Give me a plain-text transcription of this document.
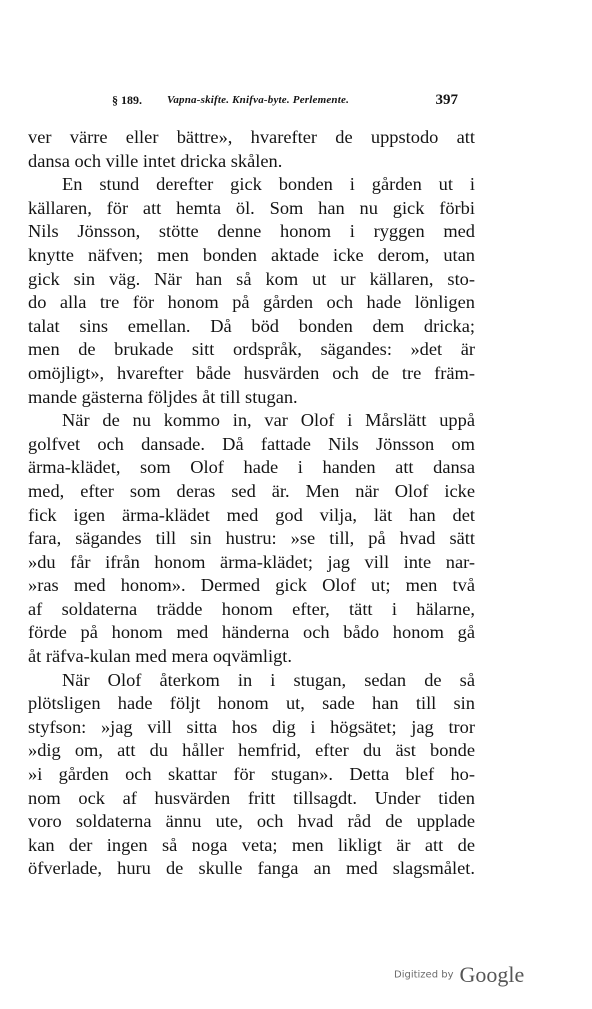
§ 189. Vapna-skifte. Knifva-byte. Perlemente.	397
ver värre eller bättre», hvarefter de uppstodo att
dansa och ville intet dricka skålen.
En stund derefter gick bonden i gården ut i
källaren, för att hemta öl. Som han nu gick förbi
Nils Jönsson, stötte denne honom i ryggen med
knytte näfven; men bonden aktade icke derom, utan
gick sin väg. När han så kom ut ur källaren, sto-
do alla tre för honom på gården och hade lönligen
talat sins emellan. Då böd bonden dem dricka;
men de brukade sitt ordspråk, sägandes: »det är
omöjligt», hvarefter både husvärden och de tre främ-
mande gästerna följdes åt till stugan.
När de nu kommo in, var Olof i Mårslätt uppå
golfvet och dansade. Då fattade Nils Jönsson om
ärma-klädet, som Olof hade i handen att dansa
med, efter som deras sed är. Men när Olof icke
fick igen ärma-klädet med god vilja, lät han det
fara, sägandes till sin hustru: »se till, på hvad sätt
»du får ifrån honom ärma-klädet; jag vill inte nar-
»ras med honom». Dermed gick Olof ut; men två
af soldaterna trädde honom efter, tätt i hälarne,
förde på honom med händerna och bådo honom gå
åt räfva-kulan med mera oqvämligt.
När Olof återkom in i stugan, sedan de så
plötsligen hade följt honom ut, sade han till sin
styfson: »jag vill sitta hos dig i högsätet; jag tror
»dig om, att du håller hemfrid, efter du äst bonde
»i gården och skattar för stugan». Detta blef ho-
nom ock af husvärden fritt tillsagdt. Under tiden
voro soldaterna ännu ute, och hvad råd de upplade
kan der ingen så noga veta; men likligt är att de
öfverlade, huru de skulle fanga an med slagsmålet.
Digitized by Google
